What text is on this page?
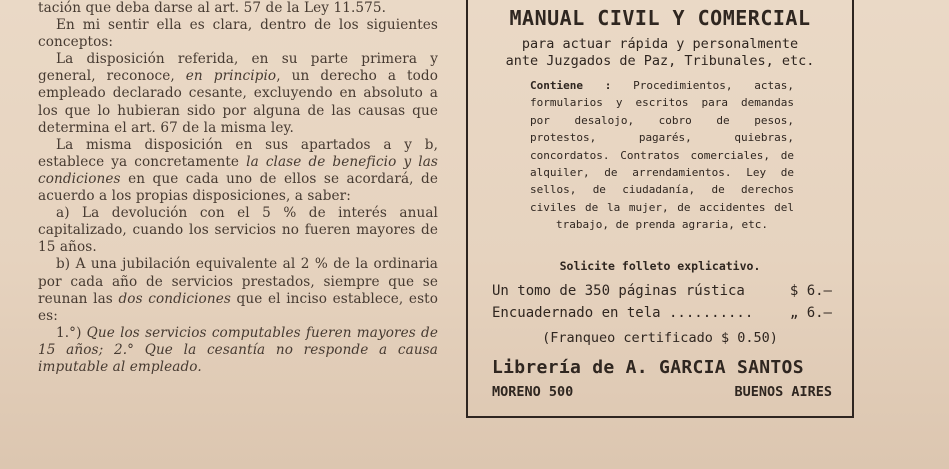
tación que deba darse al art. 57 de la Ley 11.575.

En mi sentir ella es clara, dentro de los siguientes conceptos:

La disposición referida, en su parte primera y general, reconoce, en principio, un derecho a todo empleado declarado cesante, excluyendo en absoluto a los que lo hubieran sido por alguna de las causas que determina el art. 67 de la misma ley.

La misma disposición en sus apartados a y b, establece ya concretamente la clase de beneficio y las condiciones en que cada uno de ellos se acordará, de acuerdo a los propias disposiciones, a saber:

a) La devolución con el 5 % de interés anual capitalizado, cuando los servicios no fueren mayores de 15 años.

b) A una jubilación equivalente al 2 % de la ordinaria por cada año de servicios prestados, siempre que se reunan las dos condiciones que el inciso establece, esto es:

1.°) Que los servicios computables fueren mayores de 15 años; 2.° Que la cesantía no responde a causa imputable al empleado.

MANUAL CIVIL Y COMERCIAL
para actuar rápida y personalmente
ante Juzgados de Paz, Tribunales, etc.
Contiene : Procedimientos, actas, formularios y escritos para demandas por desalojo, cobro de pesos, protestos, pagarés, quiebras, concordatos. Contratos comerciales, de alquiler, de arrendamientos. Ley de sellos, de ciudadanía, de derechos civiles de la mujer, de accidentes del trabajo, de prenda agraria, etc.
Solicite folleto explicativo.
Un tomo de 350 páginas rústica	$ 6.—
Encuadernado en tela ..........	„ 6.—
(Franqueo certificado $ 0.50)
Librería de A. GARCIA SANTOS
MORENO 500	BUENOS AIRES
